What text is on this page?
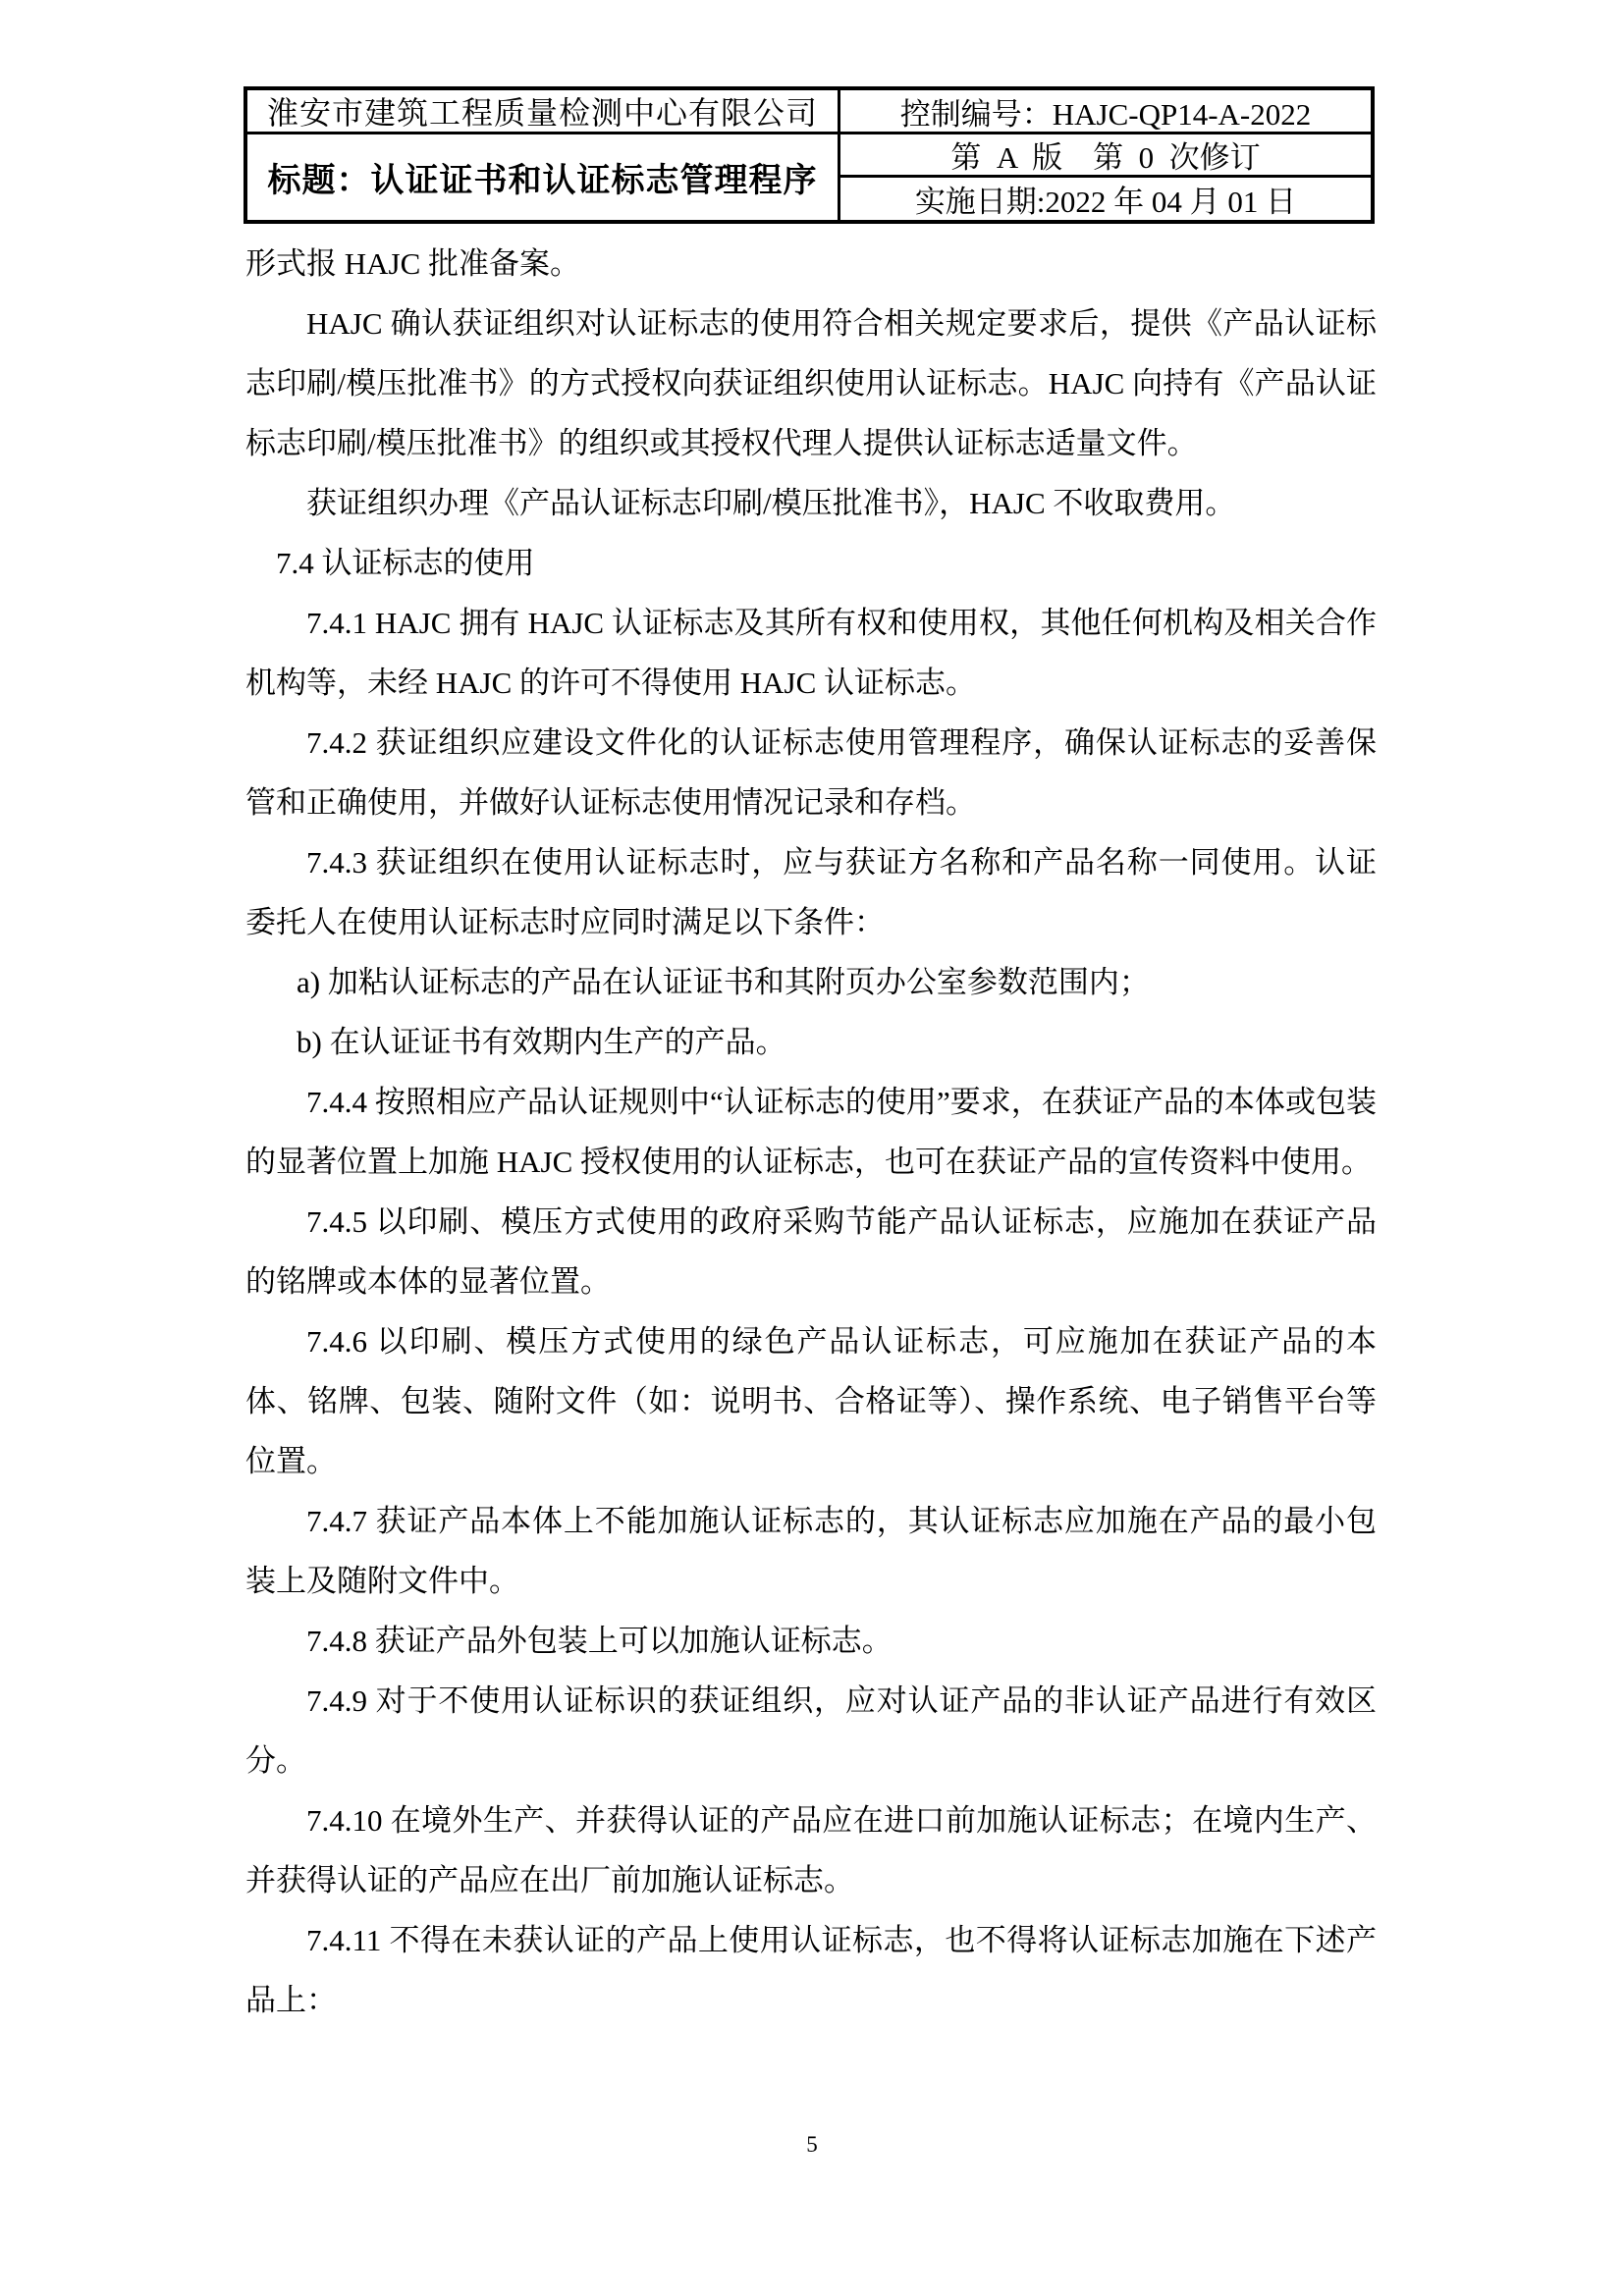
淮安市建筑工程质量检测中心有限公司
标题：认证证书和认证标志管理程序
控制编号：HAJC-QP14-A-2022
第  A  版    第  0  次修订
实施日期:2022 年 04 月 01 日

形式报 HAJC 批准备案。

HAJC 确认获证组织对认证标志的使用符合相关规定要求后，提供《产品认证标志印刷/模压批准书》的方式授权向获证组织使用认证标志。HAJC 向持有《产品认证标志印刷/模压批准书》的组织或其授权代理人提供认证标志适量文件。

获证组织办理《产品认证标志印刷/模压批准书》，HAJC 不收取费用。

7.4 认证标志的使用

7.4.1 HAJC 拥有 HAJC 认证标志及其所有权和使用权，其他任何机构及相关合作机构等，未经 HAJC 的许可不得使用 HAJC 认证标志。

7.4.2 获证组织应建设文件化的认证标志使用管理程序，确保认证标志的妥善保管和正确使用，并做好认证标志使用情况记录和存档。

7.4.3 获证组织在使用认证标志时，应与获证方名称和产品名称一同使用。认证委托人在使用认证标志时应同时满足以下条件：

a) 加粘认证标志的产品在认证证书和其附页办公室参数范围内；

b) 在认证证书有效期内生产的产品。

7.4.4 按照相应产品认证规则中“认证标志的使用”要求，在获证产品的本体或包装的显著位置上加施 HAJC 授权使用的认证标志，也可在获证产品的宣传资料中使用。

7.4.5 以印刷、模压方式使用的政府采购节能产品认证标志，应施加在获证产品的铭牌或本体的显著位置。

7.4.6 以印刷、模压方式使用的绿色产品认证标志，可应施加在获证产品的本体、铭牌、包装、随附文件（如：说明书、合格证等）、操作系统、电子销售平台等位置。

7.4.7 获证产品本体上不能加施认证标志的，其认证标志应加施在产品的最小包装上及随附文件中。

7.4.8 获证产品外包装上可以加施认证标志。

7.4.9 对于不使用认证标识的获证组织，应对认证产品的非认证产品进行有效区分。

7.4.10 在境外生产、并获得认证的产品应在进口前加施认证标志；在境内生产、并获得认证的产品应在出厂前加施认证标志。

7.4.11 不得在未获认证的产品上使用认证标志，也不得将认证标志加施在下述产品上：

5
